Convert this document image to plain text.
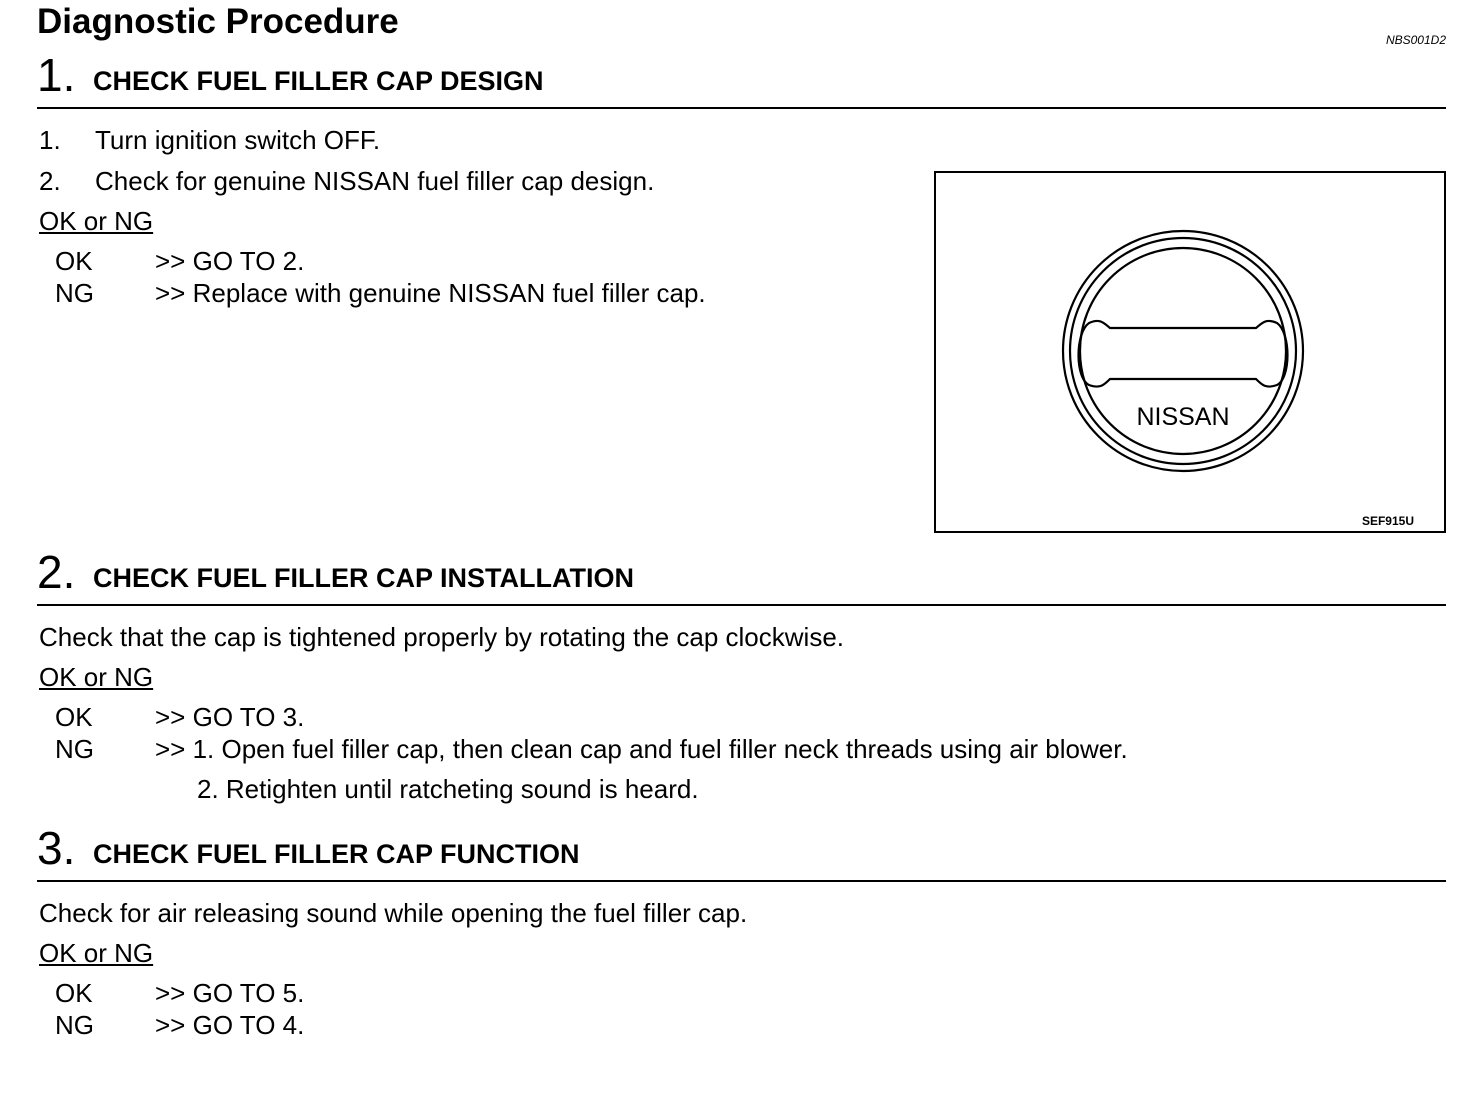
Diagnostic Procedure	NBS001D2
1. CHECK FUEL FILLER CAP DESIGN
1. Turn ignition switch OFF.
2. Check for genuine NISSAN fuel filler cap design.
OK or NG
OK >> GO TO 2.
NG >> Replace with genuine NISSAN fuel filler cap.
NISSAN
SEF915U
2. CHECK FUEL FILLER CAP INSTALLATION
Check that the cap is tightened properly by rotating the cap clockwise.
OK or NG
OK >> GO TO 3.
NG >> 1. Open fuel filler cap, then clean cap and fuel filler neck threads using air blower.
2. Retighten until ratcheting sound is heard.
3. CHECK FUEL FILLER CAP FUNCTION
Check for air releasing sound while opening the fuel filler cap.
OK or NG
OK >> GO TO 5.
NG >> GO TO 4.
